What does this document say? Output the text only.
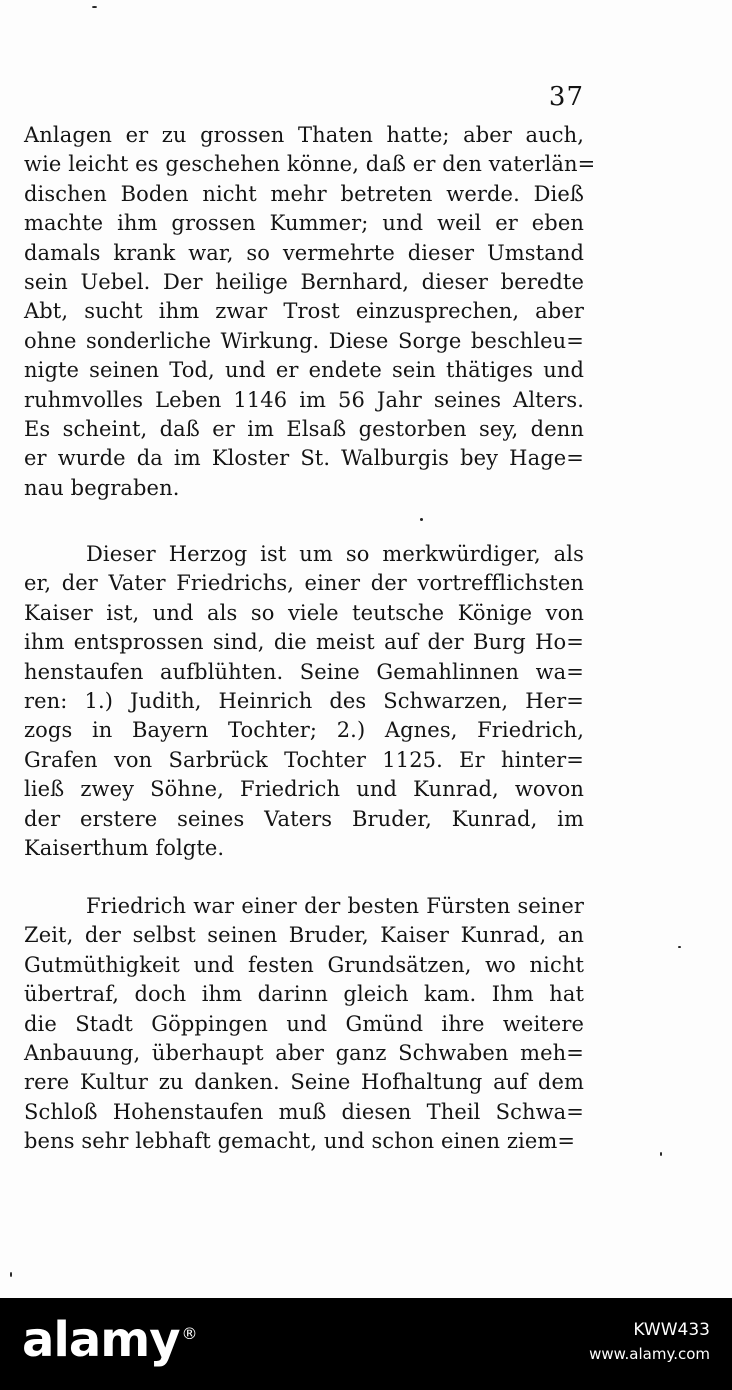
37
Anlagen er zu grossen Thaten hatte; aber auch,
wie leicht es geschehen könne, daß er den vaterlän=
dischen Boden nicht mehr betreten werde. Dieß
machte ihm grossen Kummer; und weil er eben
damals krank war, so vermehrte dieser Umstand
sein Uebel. Der heilige Bernhard, dieser beredte
Abt, sucht ihm zwar Trost einzusprechen, aber
ohne sonderliche Wirkung. Diese Sorge beschleu=
nigte seinen Tod, und er endete sein thätiges und
ruhmvolles Leben 1146 im 56 Jahr seines Alters.
Es scheint, daß er im Elsaß gestorben sey, denn
er wurde da im Kloster St. Walburgis bey Hage=
nau begraben.
Dieser Herzog ist um so merkwürdiger, als
er, der Vater Friedrichs, einer der vortrefflichsten
Kaiser ist, und als so viele teutsche Könige von
ihm entsprossen sind, die meist auf der Burg Ho=
henstaufen aufblühten. Seine Gemahlinnen wa=
ren: 1.) Judith, Heinrich des Schwarzen, Her=
zogs in Bayern Tochter; 2.) Agnes, Friedrich,
Grafen von Sarbrück Tochter 1125. Er hinter=
ließ zwey Söhne, Friedrich und Kunrad, wovon
der erstere seines Vaters Bruder, Kunrad, im
Kaiserthum folgte.
Friedrich war einer der besten Fürsten seiner
Zeit, der selbst seinen Bruder, Kaiser Kunrad, an
Gutmüthigkeit und festen Grundsätzen, wo nicht
übertraf, doch ihm darinn gleich kam. Ihm hat
die Stadt Göppingen und Gmünd ihre weitere
Anbauung, überhaupt aber ganz Schwaben meh=
rere Kultur zu danken. Seine Hofhaltung auf dem
Schloß Hohenstaufen muß diesen Theil Schwa=
bens sehr lebhaft gemacht, und schon einen ziem=
alamy ®	KWW433
www.alamy.com
